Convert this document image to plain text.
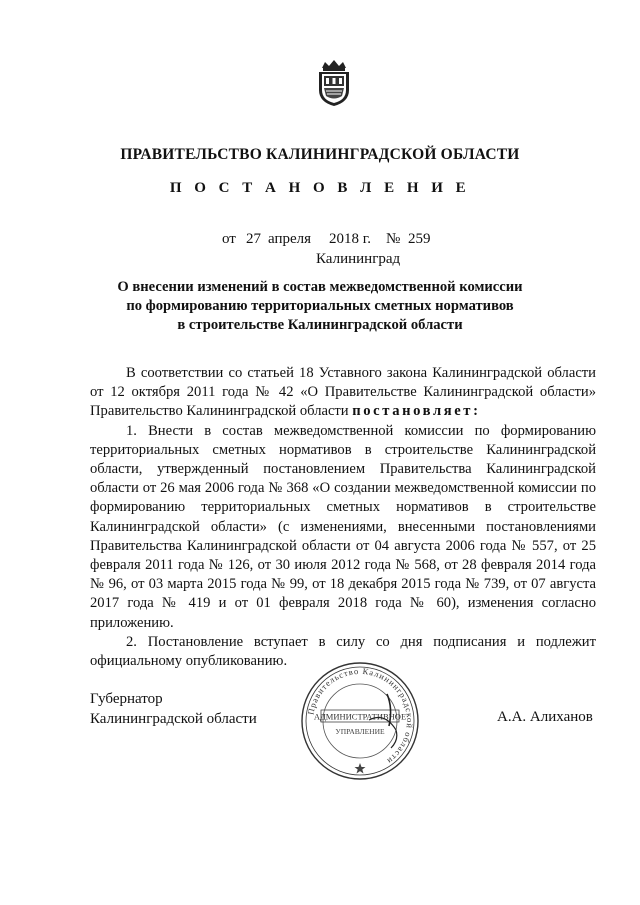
ПРАВИТЕЛЬСТВО КАЛИНИНГРАДСКОЙ ОБЛАСТИ
П О С Т А Н О В Л Е Н И Е
от 27 апреля 2018 г. № 259
Калининград
О внесении изменений в состав межведомственной комиссии
по формированию территориальных сметных нормативов
в строительстве Калининградской области

В соответствии со статьей 18 Уставного закона Калининградской области от 12 октября 2011 года № 42 «О Правительстве Калининградской области» Правительство Калининградской области постановляет:

1. Внести в состав межведомственной комиссии по формированию территориальных сметных нормативов в строительстве Калининградской области, утвержденный постановлением Правительства Калининградской области от 26 мая 2006 года № 368 «О создании межведомственной комиссии по формированию территориальных сметных нормативов в строительстве Калининградской области» (с изменениями, внесенными постановлениями Правительства Калининградской области от 04 августа 2006 года № 557, от 25 февраля 2011 года № 126, от 30 июля 2012 года № 568, от 28 февраля 2014 года № 96, от 03 марта 2015 года № 99, от 18 декабря 2015 года № 739, от 07 августа 2017 года № 419 и от 01 февраля 2018 года № 60), изменения согласно приложению.

2. Постановление вступает в силу со дня подписания и подлежит официальному опубликованию.

Губернатор
Калининградской области	Правительство Калининградской области
АДМИНИСТРАТИВНОЕ
УПРАВЛЕНИЕ
А.А. Алиханов
